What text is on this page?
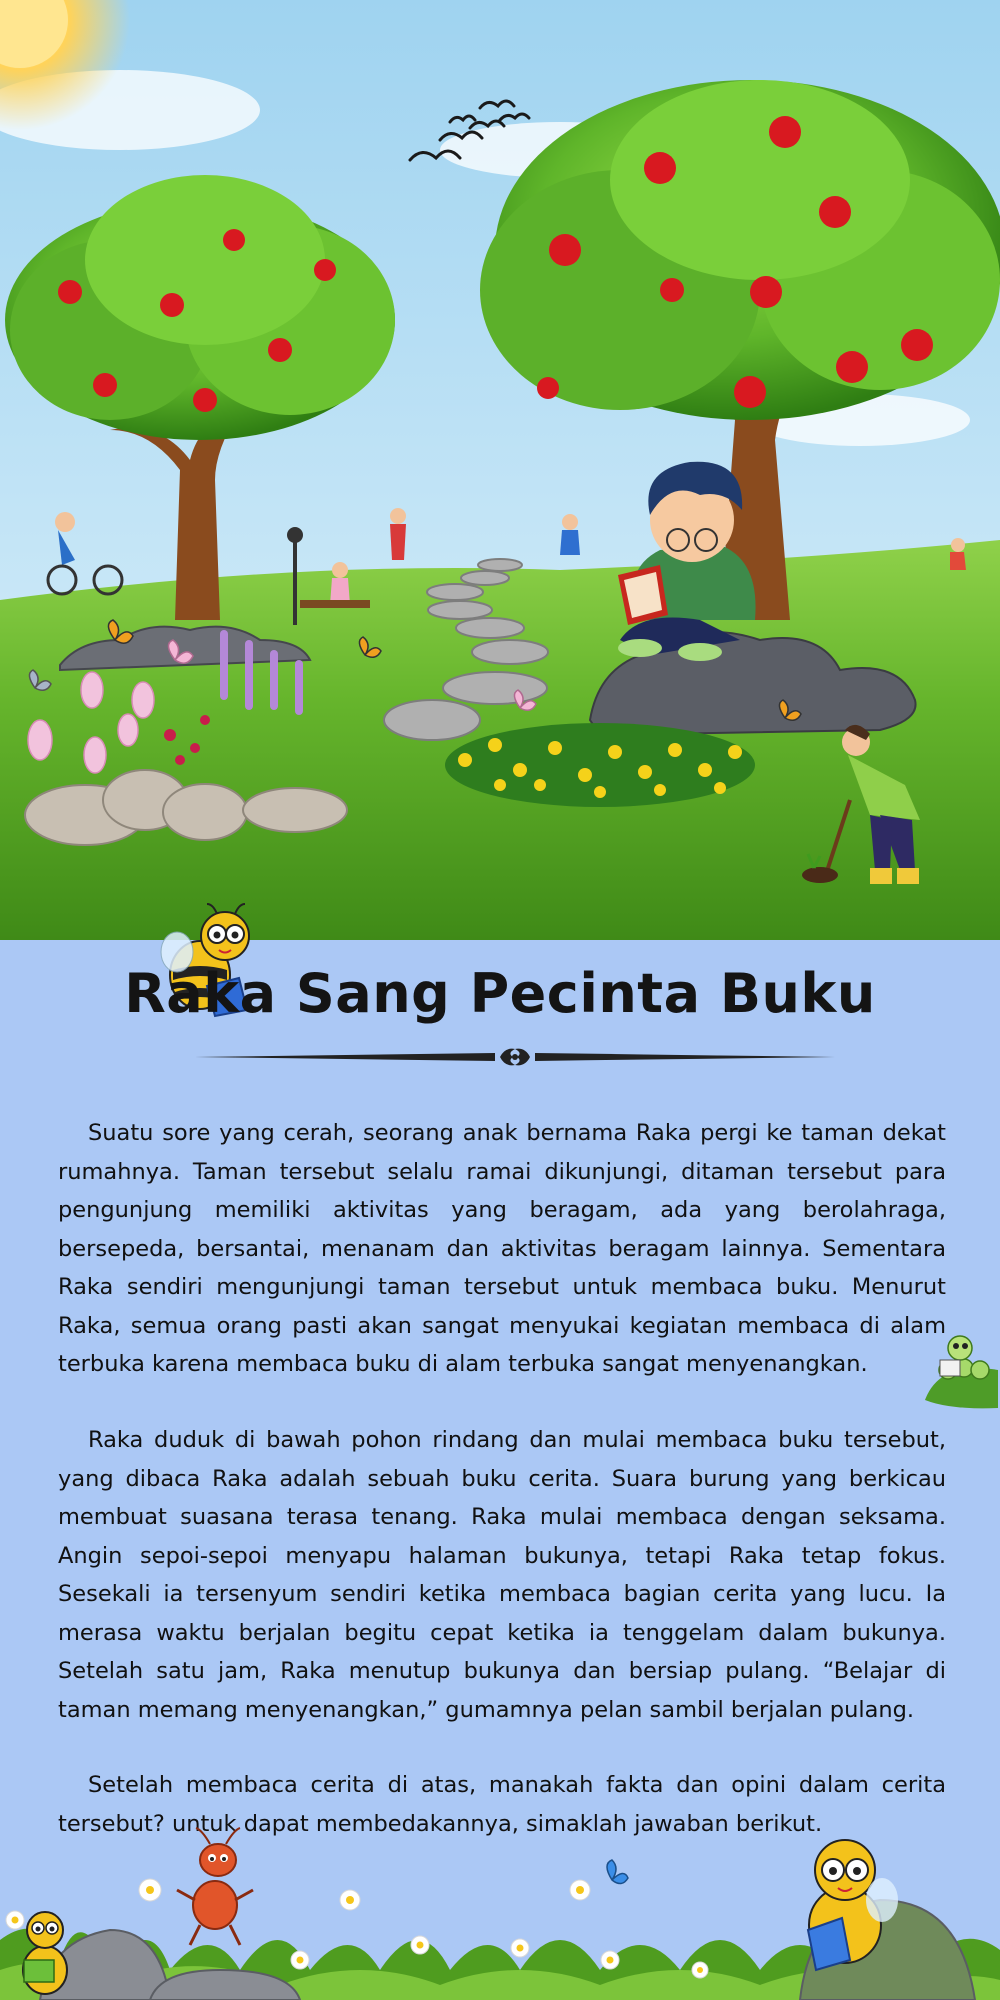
Raka Sang Pecinta Buku

Suatu sore yang cerah, seorang anak bernama Raka pergi ke taman dekat rumahnya. Taman tersebut selalu ramai dikunjungi, ditaman tersebut para pengunjung memiliki aktivitas yang beragam, ada yang berolahraga, bersepeda, bersantai, menanam dan aktivitas beragam lainnya. Sementara Raka sendiri mengunjungi taman tersebut untuk membaca buku. Menurut Raka, semua orang pasti akan sangat menyukai kegiatan membaca di alam terbuka karena membaca buku di alam terbuka sangat menyenangkan.

Raka duduk di bawah pohon rindang dan mulai membaca buku tersebut, yang dibaca Raka adalah sebuah buku cerita. Suara burung yang berkicau membuat suasana terasa tenang. Raka mulai membaca dengan seksama. Angin sepoi-sepoi menyapu halaman bukunya, tetapi Raka tetap fokus. Sesekali ia tersenyum sendiri ketika membaca bagian cerita yang lucu. Ia merasa waktu berjalan begitu cepat ketika ia tenggelam dalam bukunya. Setelah satu jam, Raka menutup bukunya dan bersiap pulang. “Belajar di taman memang menyenangkan,” gumamnya pelan sambil berjalan pulang.

Setelah membaca cerita di atas, manakah fakta dan opini dalam cerita tersebut? untuk dapat membedakannya, simaklah jawaban berikut.
